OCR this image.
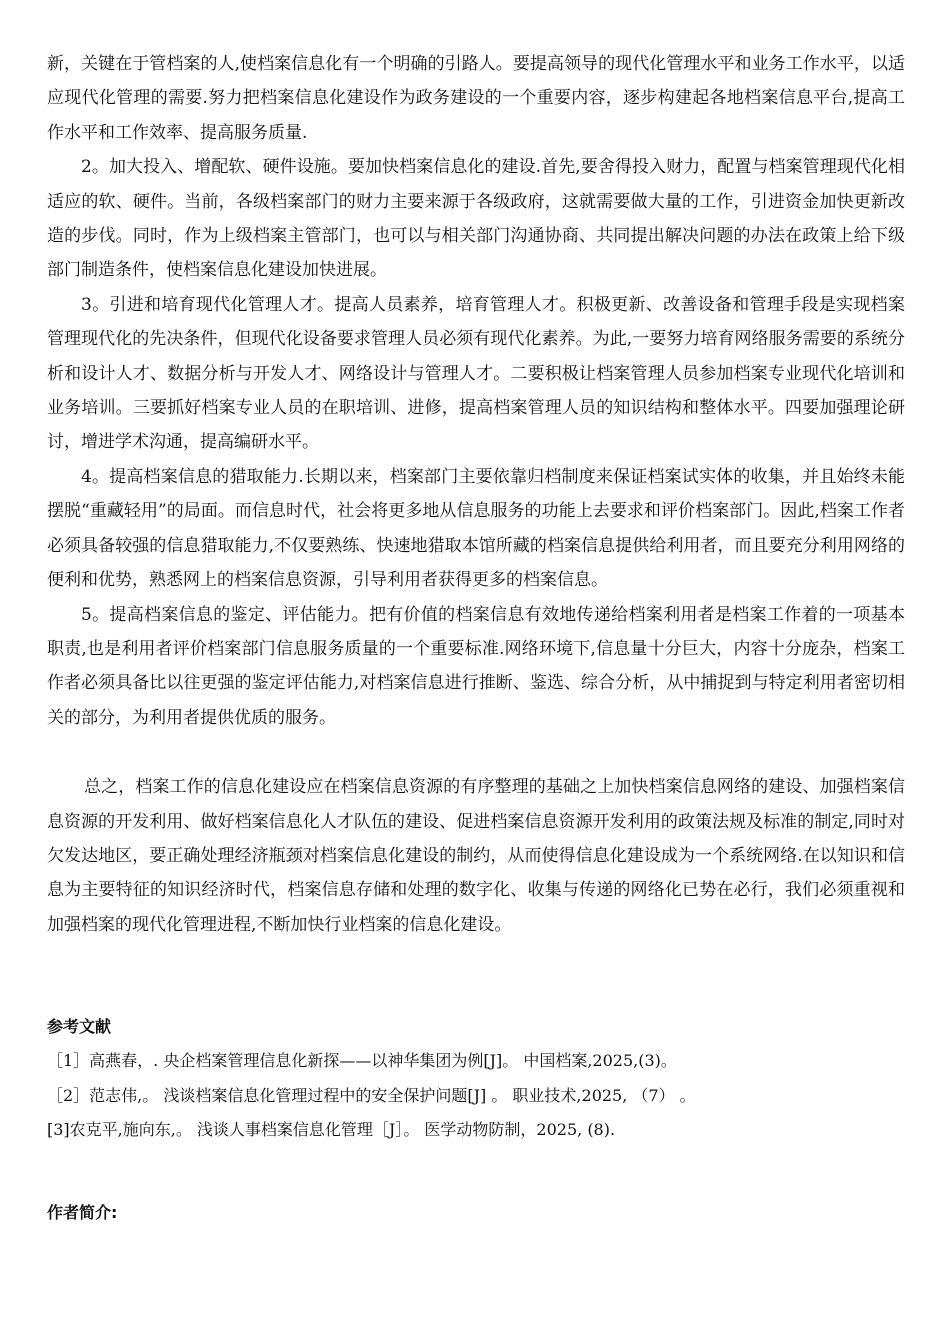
新，关键在于管档案的人,使档案信息化有一个明确的引路人。要提高领导的现代化管理水平和业务工作水平，以适应现代化管理的需要.努力把档案信息化建设作为政务建设的一个重要内容，逐步构建起各地档案信息平台,提高工作水平和工作效率、提高服务质量.

2。加大投入、增配软、硬件设施。要加快档案信息化的建设.首先,要舍得投入财力，配置与档案管理现代化相适应的软、硬件。当前，各级档案部门的财力主要来源于各级政府，这就需要做大量的工作，引进资金加快更新改造的步伐。同时，作为上级档案主管部门，也可以与相关部门沟通协商、共同提出解决问题的办法在政策上给下级部门制造条件，使档案信息化建设加快进展。

3。引进和培育现代化管理人才。提高人员素养，培育管理人才。积极更新、改善设备和管理手段是实现档案管理现代化的先决条件，但现代化设备要求管理人员必须有现代化素养。为此,一要努力培育网络服务需要的系统分析和设计人才、数据分析与开发人才、网络设计与管理人才。二要积极让档案管理人员参加档案专业现代化培训和业务培训。三要抓好档案专业人员的在职培训、进修，提高档案管理人员的知识结构和整体水平。四要加强理论研讨，增进学术沟通，提高编研水平。

4。提高档案信息的猎取能力.长期以来，档案部门主要依靠归档制度来保证档案试实体的收集，并且始终未能摆脱“重藏轻用”的局面。而信息时代，社会将更多地从信息服务的功能上去要求和评价档案部门。因此,档案工作者必须具备较强的信息猎取能力,不仅要熟练、快速地猎取本馆所藏的档案信息提供给利用者，而且要充分利用网络的便利和优势，熟悉网上的档案信息资源，引导利用者获得更多的档案信息。

5。提高档案信息的鉴定、评估能力。把有价值的档案信息有效地传递给档案利用者是档案工作着的一项基本职责,也是利用者评价档案部门信息服务质量的一个重要标准.网络环境下,信息量十分巨大，内容十分庞杂，档案工作者必须具备比以往更强的鉴定评估能力,对档案信息进行推断、鉴选、综合分析，从中捕捉到与特定利用者密切相关的部分，为利用者提供优质的服务。

总之，档案工作的信息化建设应在档案信息资源的有序整理的基础之上加快档案信息网络的建设、加强档案信息资源的开发利用、做好档案信息化人才队伍的建设、促进档案信息资源开发利用的政策法规及标准的制定,同时对欠发达地区，要正确处理经济瓶颈对档案信息化建设的制约，从而使得信息化建设成为一个系统网络.在以知识和信息为主要特征的知识经济时代，档案信息存储和处理的数字化、收集与传递的网络化已势在必行，我们必须重视和加强档案的现代化管理进程,不断加快行业档案的信息化建设。

参考文献

［1］高燕春，. 央企档案管理信息化新探——以神华集团为例[J]。 中国档案,2025,(3)。

［2］范志伟,。 浅谈档案信息化管理过程中的安全保护问题[J] 。 职业技术,2025, （7） 。

[3]农克平,施向东,。 浅谈人事档案信息化管理［J］。 医学动物防制，2025, (8).

作者简介:
